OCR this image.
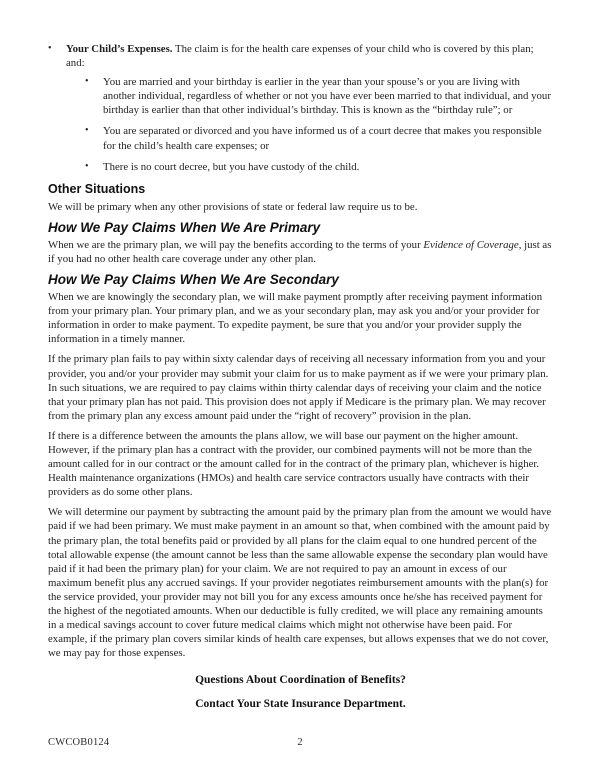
•	Your Child’s Expenses. The claim is for the health care expenses of your child who is covered by this plan; and:
•	You are married and your birthday is earlier in the year than your spouse’s or you are living with another individual, regardless of whether or not you have ever been married to that individual, and your birthday is earlier than that other individual’s birthday. This is known as the “birthday rule”; or
•	You are separated or divorced and you have informed us of a court decree that makes you responsible for the child’s health care expenses; or
•	There is no court decree, but you have custody of the child.
Other Situations

We will be primary when any other provisions of state or federal law require us to be.

How We Pay Claims When We Are Primary

When we are the primary plan, we will pay the benefits according to the terms of your Evidence of Coverage, just as if you had no other health care coverage under any other plan.

How We Pay Claims When We Are Secondary

When we are knowingly the secondary plan, we will make payment promptly after receiving payment information from your primary plan. Your primary plan, and we as your secondary plan, may ask you and/or your provider for information in order to make payment. To expedite payment, be sure that you and/or your provider supply the information in a timely manner.

If the primary plan fails to pay within sixty calendar days of receiving all necessary information from you and your provider, you and/or your provider may submit your claim for us to make payment as if we were your primary plan. In such situations, we are required to pay claims within thirty calendar days of receiving your claim and the notice that your primary plan has not paid. This provision does not apply if Medicare is the primary plan. We may recover from the primary plan any excess amount paid under the “right of recovery” provision in the plan.

If there is a difference between the amounts the plans allow, we will base our payment on the higher amount. However, if the primary plan has a contract with the provider, our combined payments will not be more than the amount called for in our contract or the amount called for in the contract of the primary plan, whichever is higher. Health maintenance organizations (HMOs) and health care service contractors usually have contracts with their providers as do some other plans.

We will determine our payment by subtracting the amount paid by the primary plan from the amount we would have paid if we had been primary. We must make payment in an amount so that, when combined with the amount paid by the primary plan, the total benefits paid or provided by all plans for the claim equal to one hundred percent of the total allowable expense (the amount cannot be less than the same allowable expense the secondary plan would have paid if it had been the primary plan) for your claim. We are not required to pay an amount in excess of our maximum benefit plus any accrued savings. If your provider negotiates reimbursement amounts with the plan(s) for the service provided, your provider may not bill you for any excess amounts once he/she has received payment for the highest of the negotiated amounts. When our deductible is fully credited, we will place any remaining amounts in a medical savings account to cover future medical claims which might not otherwise have been paid. For example, if the primary plan covers similar kinds of health care expenses, but allows expenses that we do not cover, we may pay for those expenses.

Questions About Coordination of Benefits?
Contact Your State Insurance Department.
CWCOB0124	2
